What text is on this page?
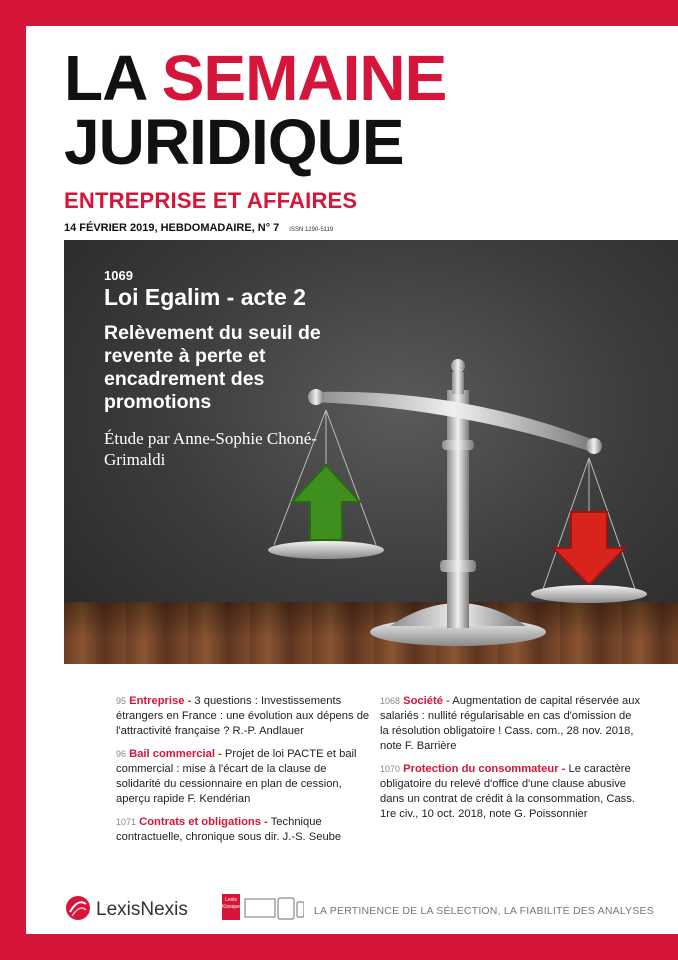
LA SEMAINE
JURIDIQUE
ENTREPRISE ET AFFAIRES
14 FÉVRIER 2019, HEBDOMADAIRE, N° 7 ISSN 1290-5119
1069
Loi Egalim - acte 2
Relèvement du seuil de revente à perte et encadrement des promotions
Étude par Anne-Sophie Choné-Grimaldi
95 Entreprise - 3 questions : Investissements étrangers en France : une évolution aux dépens de l'attractivité française ? R.-P. Andlauer
96 Bail commercial - Projet de loi PACTE et bail commercial : mise à l'écart de la clause de solidarité du cessionnaire en plan de cession, aperçu rapide F. Kendérian
1071 Contrats et obligations - Technique contractuelle, chronique sous dir. J.-S. Seube
1068 Société - Augmentation de capital réservée aux salariés : nullité régularisable en cas d'omission de la résolution obligatoire ! Cass. com., 28 nov. 2018, note F. Barrière
1070 Protection du consommateur - Le caractère obligatoire du relevé d'office d'une clause abusive dans un contrat de crédit à la consommation, Cass. 1re civ., 10 oct. 2018, note G. Poissonnier
LexisNexis	Lexis Kiosque	LA PERTINENCE DE LA SÉLECTION, LA FIABILITÉ DES ANALYSES
